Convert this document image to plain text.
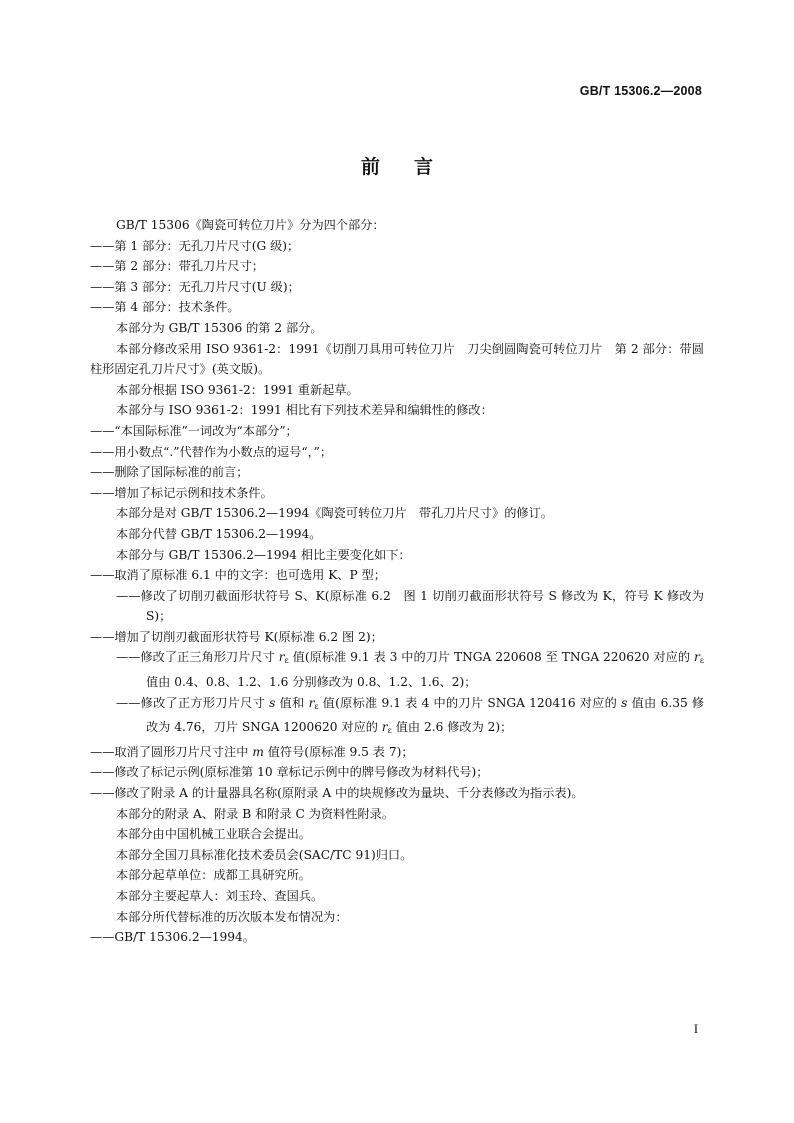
GB/T 15306.2—2008
前言

GB/T 15306《陶瓷可转位刀片》分为四个部分：

——第 1 部分：无孔刀片尺寸(G 级)；

——第 2 部分：带孔刀片尺寸；

——第 3 部分：无孔刀片尺寸(U 级)；

——第 4 部分：技术条件。

本部分为 GB/T 15306 的第 2 部分。

本部分修改采用 ISO 9361-2：1991《切削刀具用可转位刀片　刀尖倒圆陶瓷可转位刀片　第 2 部分：带圆柱形固定孔刀片尺寸》(英文版)。

本部分根据 ISO 9361-2：1991 重新起草。

本部分与 ISO 9361-2：1991 相比有下列技术差异和编辑性的修改：

——“本国际标准”一词改为“本部分”；

——用小数点“.”代替作为小数点的逗号“，”；

——删除了国际标准的前言；

——增加了标记示例和技术条件。

本部分是对 GB/T 15306.2—1994《陶瓷可转位刀片　带孔刀片尺寸》的修订。

本部分代替 GB/T 15306.2—1994。

本部分与 GB/T 15306.2—1994 相比主要变化如下：

——取消了原标准 6.1 中的文字：也可选用 K、P 型；

——修改了切削刃截面形状符号 S、K(原标准 6.2　图 1 切削刃截面形状符号 S 修改为 K，符号 K 修改为 S)；

——增加了切削刃截面形状符号 K(原标准 6.2 图 2)；

——修改了正三角形刀片尺寸 $r_\varepsilon$ 值(原标准 9.1 表 3 中的刀片 TNGA 220608 至 TNGA 220620 对应的 $r_\varepsilon$ 值由 0.4、0.8、1.2、1.6 分别修改为 0.8、1.2、1.6、2)；

——修改了正方形刀片尺寸 s 值和 $r_\varepsilon$ 值(原标准 9.1 表 4 中的刀片 SNGA 120416 对应的 s 值由 6.35 修改为 4.76，刀片 SNGA 1200620 对应的 $r_\varepsilon$ 值由 2.6 修改为 2)；

——取消了圆形刀片尺寸注中 m 值符号(原标准 9.5 表 7)；

——修改了标记示例(原标准第 10 章标记示例中的牌号修改为材料代号)；

——修改了附录 A 的计量器具名称(原附录 A 中的块规修改为量块、千分表修改为指示表)。

本部分的附录 A、附录 B 和附录 C 为资料性附录。

本部分由中国机械工业联合会提出。

本部分全国刀具标准化技术委员会(SAC/TC 91)归口。

本部分起草单位：成都工具研究所。

本部分主要起草人：刘玉玲、查国兵。

本部分所代替标准的历次版本发布情况为：

——GB/T 15306.2—1994。

I
